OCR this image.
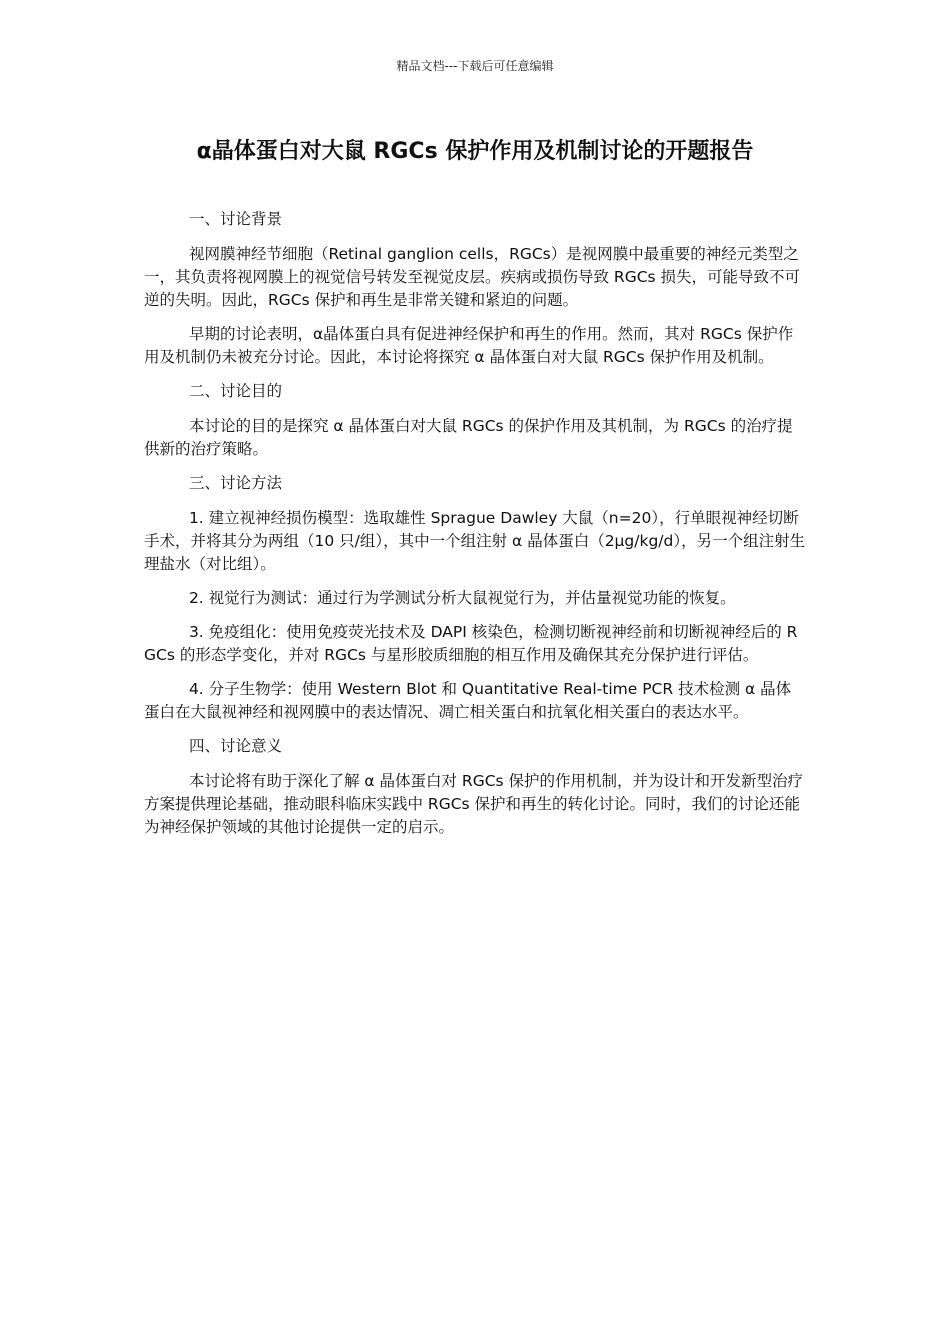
精品文档---下载后可任意编辑
α晶体蛋白对大鼠 RGCs 保护作用及机制讨论的开题报告

一、讨论背景

视网膜神经节细胞（Retinal ganglion cells，RGCs）是视网膜中最重要的神经元类型之一，其负责将视网膜上的视觉信号转发至视觉皮层。疾病或损伤导致 RGCs 损失，可能导致不可逆的失明。因此，RGCs 保护和再生是非常关键和紧迫的问题。

早期的讨论表明，α晶体蛋白具有促进神经保护和再生的作用。然而，其对 RGCs 保护作用及机制仍未被充分讨论。因此，本讨论将探究 α 晶体蛋白对大鼠 RGCs 保护作用及机制。

二、讨论目的

本讨论的目的是探究 α 晶体蛋白对大鼠 RGCs 的保护作用及其机制，为 RGCs 的治疗提供新的治疗策略。

三、讨论方法

1. 建立视神经损伤模型：选取雄性 Sprague Dawley 大鼠（n=20），行单眼视神经切断手术，并将其分为两组（10 只/组），其中一个组注射 α 晶体蛋白（2μg/kg/d），另一个组注射生理盐水（对比组）。

2. 视觉行为测试：通过行为学测试分析大鼠视觉行为，并估量视觉功能的恢复。

3. 免疫组化：使用免疫荧光技术及 DAPI 核染色，检测切断视神经前和切断视神经后的 RGCs 的形态学变化，并对 RGCs 与星形胶质细胞的相互作用及确保其充分保护进行评估。

4. 分子生物学：使用 Western Blot 和 Quantitative Real-time PCR 技术检测 α 晶体蛋白在大鼠视神经和视网膜中的表达情况、凋亡相关蛋白和抗氧化相关蛋白的表达水平。

四、讨论意义

本讨论将有助于深化了解 α 晶体蛋白对 RGCs 保护的作用机制，并为设计和开发新型治疗方案提供理论基础，推动眼科临床实践中 RGCs 保护和再生的转化讨论。同时，我们的讨论还能为神经保护领域的其他讨论提供一定的启示。
